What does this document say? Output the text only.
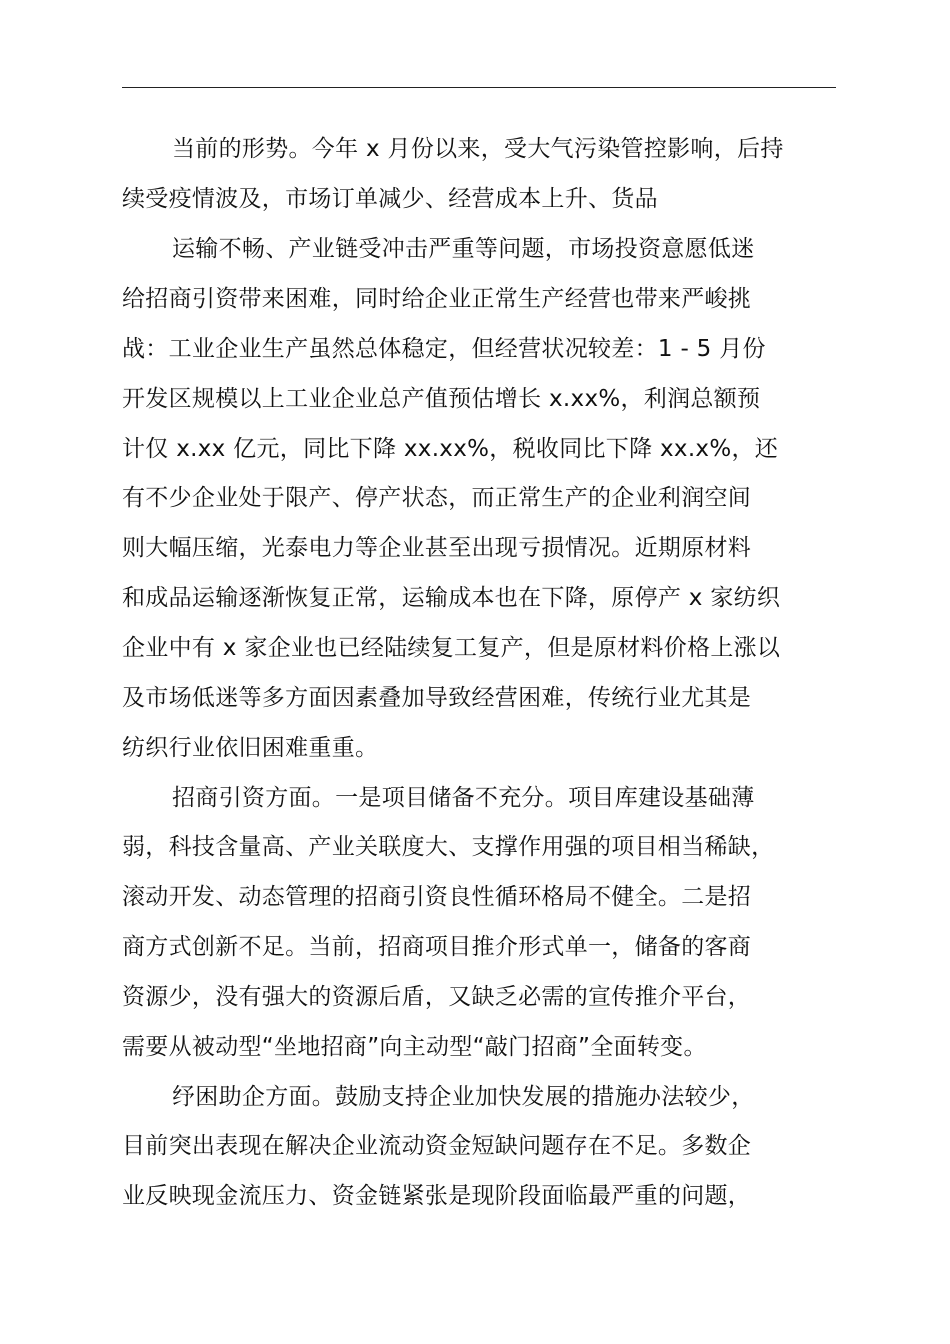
当前的形势。今年 x 月份以来，受大气污染管控影响，后持
续受疫情波及，市场订单减少、经营成本上升、货品
运输不畅、产业链受冲击严重等问题，市场投资意愿低迷
给招商引资带来困难，同时给企业正常生产经营也带来严峻挑
战：工业企业生产虽然总体稳定，但经营状况较差：1 - 5 月份
开发区规模以上工业企业总产值预估增长 x.xx%，利润总额预
计仅 x.xx 亿元，同比下降 xx.xx%，税收同比下降 xx.x%，还
有不少企业处于限产、停产状态，而正常生产的企业利润空间
则大幅压缩，光泰电力等企业甚至出现亏损情况。近期原材料
和成品运输逐渐恢复正常，运输成本也在下降，原停产 x 家纺织
企业中有 x 家企业也已经陆续复工复产，但是原材料价格上涨以
及市场低迷等多方面因素叠加导致经营困难，传统行业尤其是
纺织行业依旧困难重重。
招商引资方面。一是项目储备不充分。项目库建设基础薄
弱，科技含量高、产业关联度大、支撑作用强的项目相当稀缺，
滚动开发、动态管理的招商引资良性循环格局不健全。二是招
商方式创新不足。当前，招商项目推介形式单一，储备的客商
资源少，没有强大的资源后盾，又缺乏必需的宣传推介平台，
需要从被动型“坐地招商”向主动型“敲门招商”全面转变。
纾困助企方面。鼓励支持企业加快发展的措施办法较少，
目前突出表现在解决企业流动资金短缺问题存在不足。多数企
业反映现金流压力、资金链紧张是现阶段面临最严重的问题，
